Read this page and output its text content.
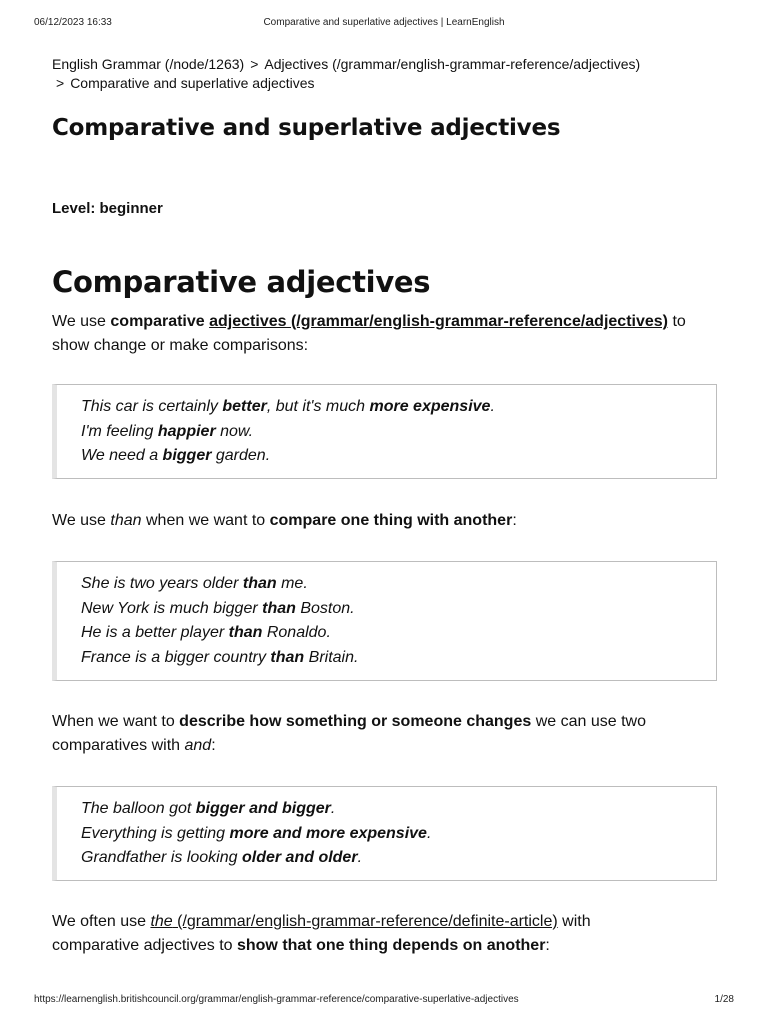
06/12/2023 16:33	Comparative and superlative adjectives | LearnEnglish
English Grammar (/node/1263) > Adjectives (/grammar/english-grammar-reference/adjectives)
> Comparative and superlative adjectives
Comparative and superlative adjectives
Level: beginner
Comparative adjectives
We use comparative adjectives (/grammar/english-grammar-reference/adjectives) to show change or make comparisons:
This car is certainly better, but it's much more expensive.
I'm feeling happier now.
We need a bigger garden.
We use than when we want to compare one thing with another:
She is two years older than me.
New York is much bigger than Boston.
He is a better player than Ronaldo.
France is a bigger country than Britain.
When we want to describe how something or someone changes we can use two
comparatives with and:
The balloon got bigger and bigger.
Everything is getting more and more expensive.
Grandfather is looking older and older.
We often use the (/grammar/english-grammar-reference/definite-article) with
comparative adjectives to show that one thing depends on another:
https://learnenglish.britishcouncil.org/grammar/english-grammar-reference/comparative-superlative-adjectives	1/28
